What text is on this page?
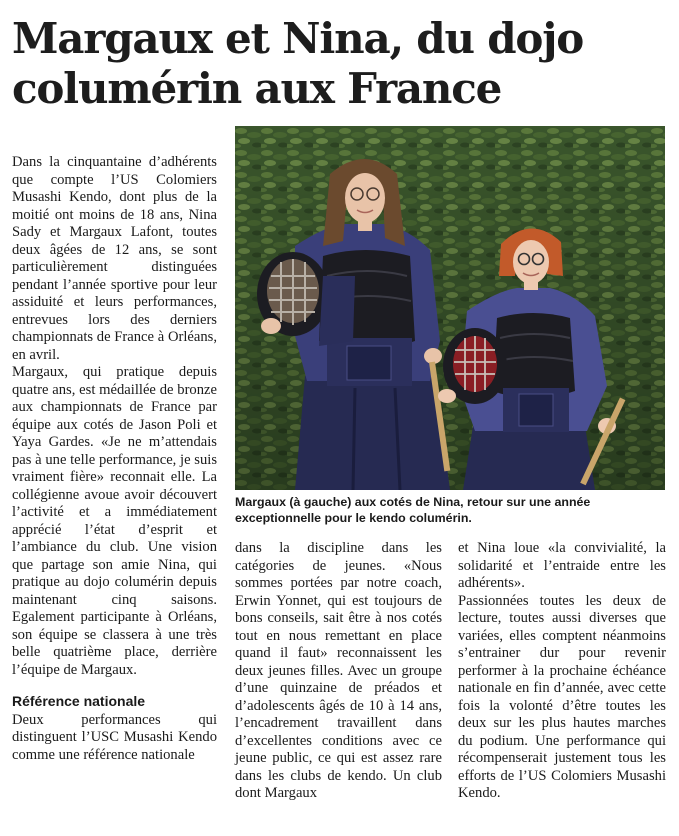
Margaux et Nina, du dojo columérin aux France

Dans la cinquantaine d’adhérents que compte l’US Colomiers Musashi Kendo, dont plus de la moitié ont moins de 18 ans, Nina Sady et Margaux Lafont, toutes deux âgées de 12 ans, se sont particulièrement distinguées pendant l’année sportive pour leur assiduité et leurs performances, entrevues lors des derniers championnats de France à Orléans, en avril.

Margaux, qui pratique depuis quatre ans, est médaillée de bronze aux championnats de France par équipe aux cotés de Jason Poli et Yaya Gardes. «Je ne m’attendais pas à une telle performance, je suis vraiment fière» reconnait elle. La collégienne avoue avoir découvert l’activité et a immédiatement apprécié l’état d’esprit et l’ambiance du club. Une vision que partage son amie Nina, qui pratique au dojo columérin depuis maintenant cinq saisons. Egalement participante à Orléans, son équipe se classera à une très belle quatrième place, derrière l’équipe de Margaux.

Référence nationale

Deux performances qui distinguent l’USC Musashi Kendo comme une référence nationale

Margaux (à gauche) aux cotés de Nina, retour sur une année exceptionnelle pour le kendo columérin.

dans la discipline dans les catégories de jeunes. «Nous sommes portées par notre coach, Erwin Yonnet, qui est toujours de bons conseils, sait être à nos cotés tout en nous remettant en place quand il faut» reconnaissent les deux jeunes filles. Avec un groupe d’une quinzaine de préados et d’adolescents âgés de 10 à 14 ans, l’encadrement travaillent dans d’excellentes conditions avec ce jeune public, ce qui est assez rare dans les clubs de kendo. Un club dont Margaux

et Nina loue «la convivialité, la solidarité et l’entraide entre les adhérents».

Passionnées toutes les deux de lecture, toutes aussi diverses que variées, elles comptent néanmoins s’entrainer dur pour revenir performer à la prochaine échéance nationale en fin d’année, avec cette fois la volonté d’être toutes les deux sur les plus hautes marches du podium. Une performance qui récompenserait justement tous les efforts de l’US Colomiers Musashi Kendo.
